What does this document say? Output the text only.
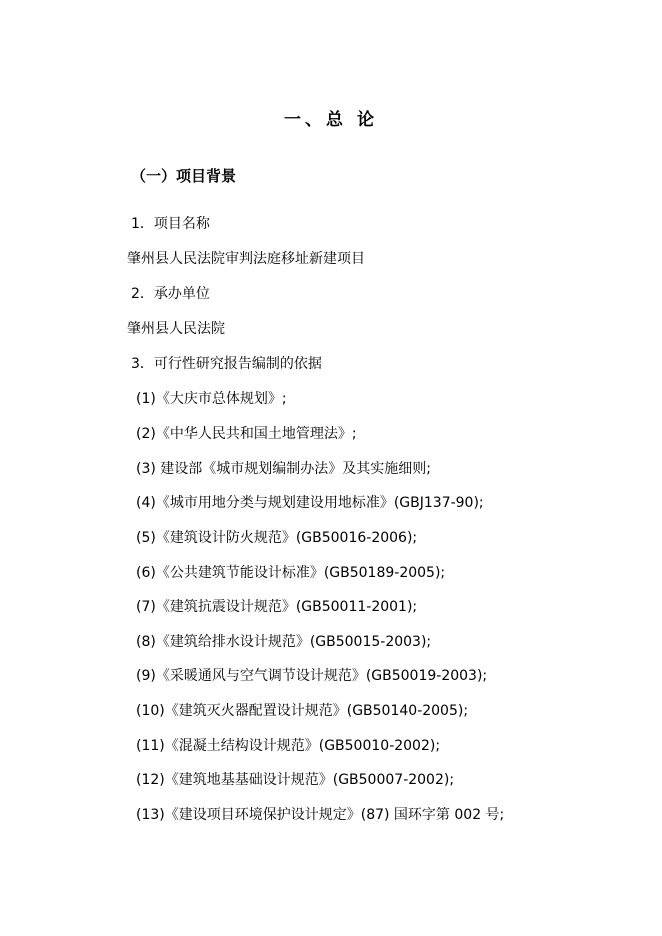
一、总 论
（一）项目背景
1．项目名称
肇州县人民法院审判法庭移址新建项目
2．承办单位
肇州县人民法院
3．可行性研究报告编制的依据
(1)《大庆市总体规划》;
(2)《中华人民共和国土地管理法》;
(3) 建设部《城市规划编制办法》及其实施细则;
(4)《城市用地分类与规划建设用地标准》(GBJ137-90);
(5)《建筑设计防火规范》(GB50016-2006);
(6)《公共建筑节能设计标准》(GB50189-2005);
(7)《建筑抗震设计规范》(GB50011-2001);
(8)《建筑给排水设计规范》(GB50015-2003);
(9)《采暖通风与空气调节设计规范》(GB50019-2003);
(10)《建筑灭火器配置设计规范》(GB50140-2005);
(11)《混凝土结构设计规范》(GB50010-2002);
(12)《建筑地基基础设计规范》(GB50007-2002);
(13)《建设项目环境保护设计规定》(87) 国环字第 002 号;
